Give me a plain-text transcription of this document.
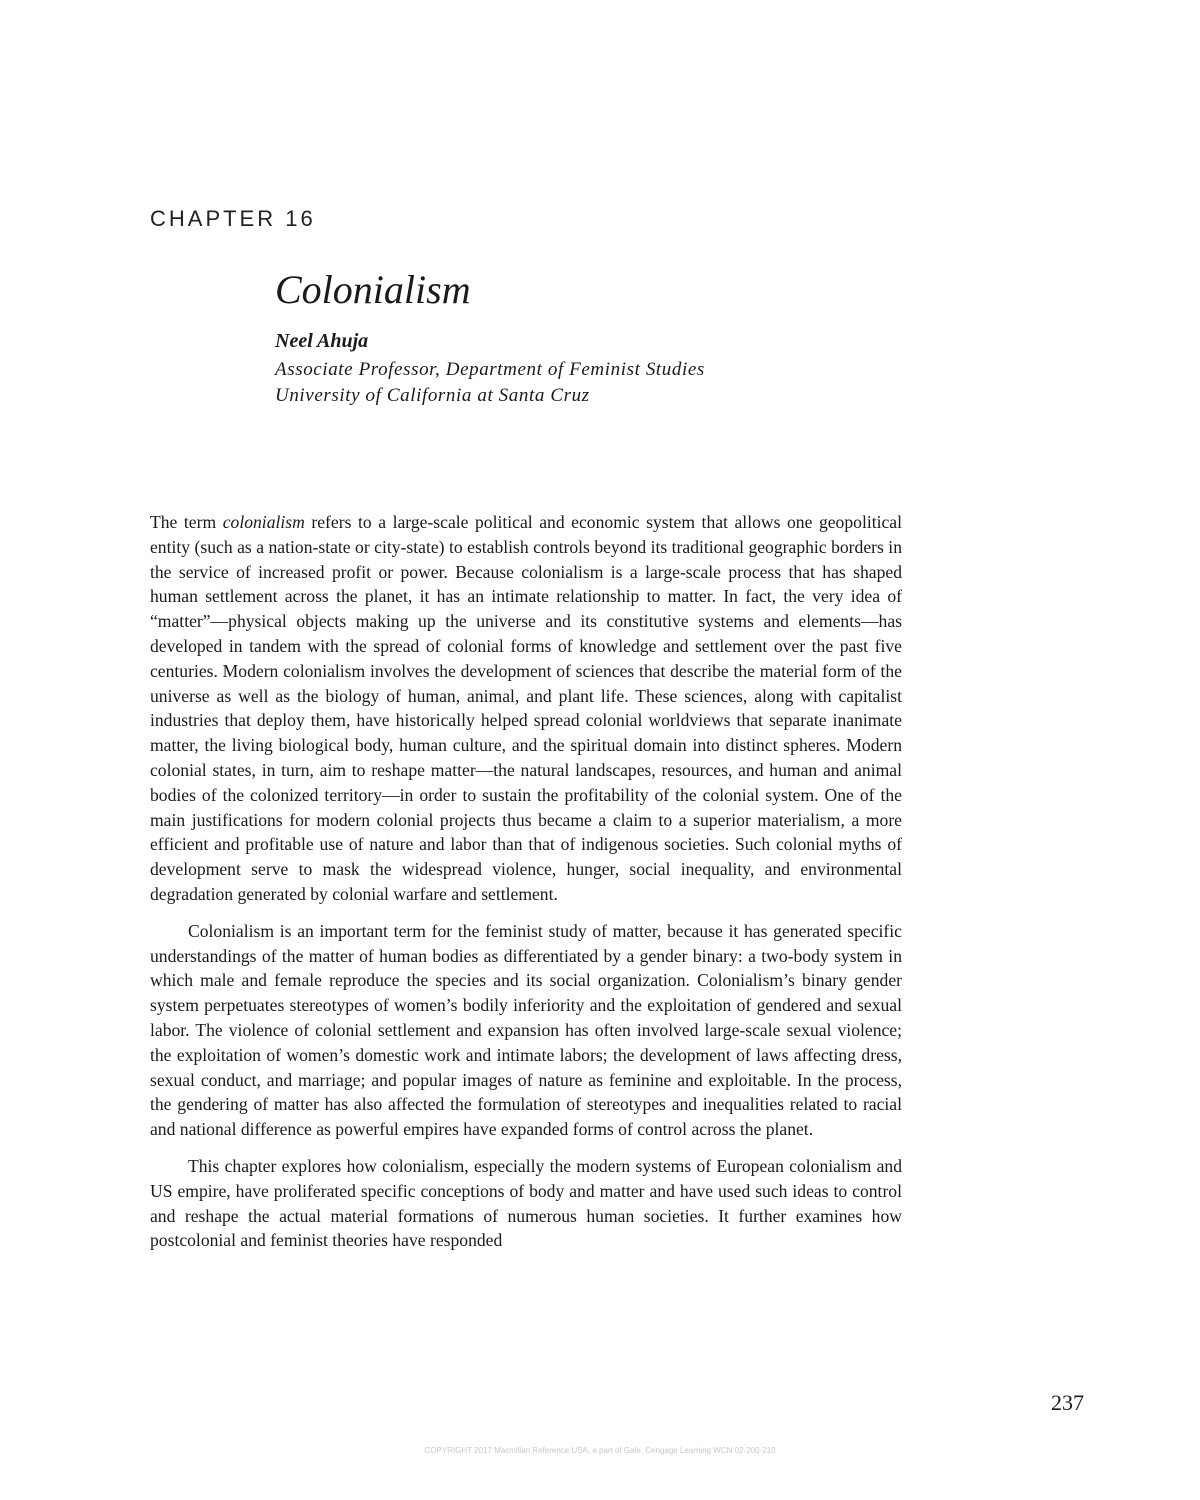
CHAPTER 16
Colonialism
Neel Ahuja
Associate Professor, Department of Feminist Studies
University of California at Santa Cruz

The term colonialism refers to a large-scale political and economic system that allows one geopolitical entity (such as a nation-state or city-state) to establish controls beyond its traditional geographic borders in the service of increased profit or power. Because colonialism is a large-scale process that has shaped human settlement across the planet, it has an intimate relationship to matter. In fact, the very idea of “matter”—physical objects making up the universe and its constitutive systems and elements—has developed in tandem with the spread of colonial forms of knowledge and settlement over the past five centuries. Modern colonialism involves the development of sciences that describe the material form of the universe as well as the biology of human, animal, and plant life. These sciences, along with capitalist industries that deploy them, have historically helped spread colonial worldviews that separate inanimate matter, the living biological body, human culture, and the spiritual domain into distinct spheres. Modern colonial states, in turn, aim to reshape matter—the natural landscapes, resources, and human and animal bodies of the colonized territory—in order to sustain the profitability of the colonial system. One of the main justifications for modern colonial projects thus became a claim to a superior materialism, a more efficient and profitable use of nature and labor than that of indigenous societies. Such colonial myths of development serve to mask the widespread violence, hunger, social inequality, and environmental degradation generated by colonial warfare and settlement.

Colonialism is an important term for the feminist study of matter, because it has generated specific understandings of the matter of human bodies as differentiated by a gender binary: a two-body system in which male and female reproduce the species and its social organization. Colonialism’s binary gender system perpetuates stereotypes of women’s bodily inferiority and the exploitation of gendered and sexual labor. The violence of colonial settlement and expansion has often involved large-scale sexual violence; the exploitation of women’s domestic work and intimate labors; the development of laws affecting dress, sexual conduct, and marriage; and popular images of nature as feminine and exploitable. In the process, the gendering of matter has also affected the formulation of stereotypes and inequalities related to racial and national difference as powerful empires have expanded forms of control across the planet.

This chapter explores how colonialism, especially the modern systems of European colonialism and US empire, have proliferated specific conceptions of body and matter and have used such ideas to control and reshape the actual material formations of numerous human societies. It further examines how postcolonial and feminist theories have responded

237
COPYRIGHT 2017 Macmillan Reference USA, a part of Gale, Cengage Learning WCN 02-200-210
